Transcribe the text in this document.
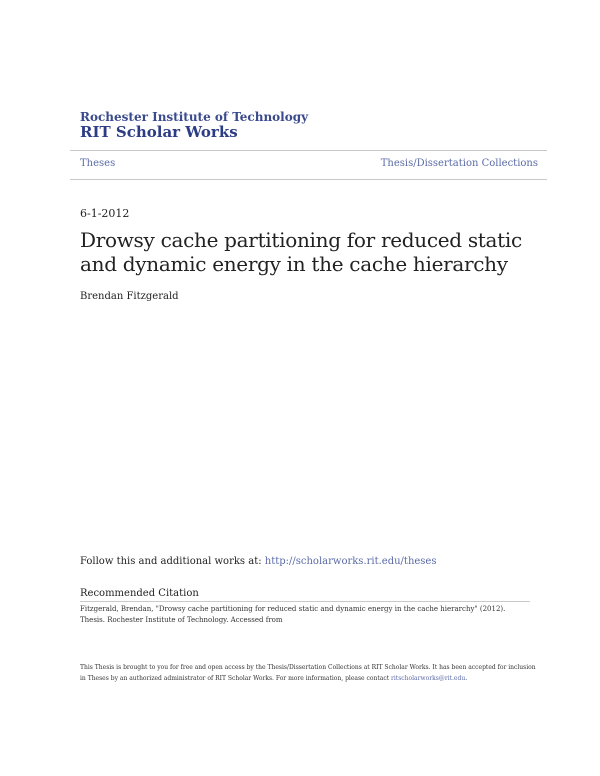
Rochester Institute of Technology
RIT Scholar Works
Theses	Thesis/Dissertation Collections
6-1-2012
Drowsy cache partitioning for reduced static and dynamic energy in the cache hierarchy
Brendan Fitzgerald
Follow this and additional works at: http://scholarworks.rit.edu/theses
Recommended Citation
Fitzgerald, Brendan, "Drowsy cache partitioning for reduced static and dynamic energy in the cache hierarchy" (2012). Thesis. Rochester Institute of Technology. Accessed from
This Thesis is brought to you for free and open access by the Thesis/Dissertation Collections at RIT Scholar Works. It has been accepted for inclusion in Theses by an authorized administrator of RIT Scholar Works. For more information, please contact ritscholarworks@rit.edu.
